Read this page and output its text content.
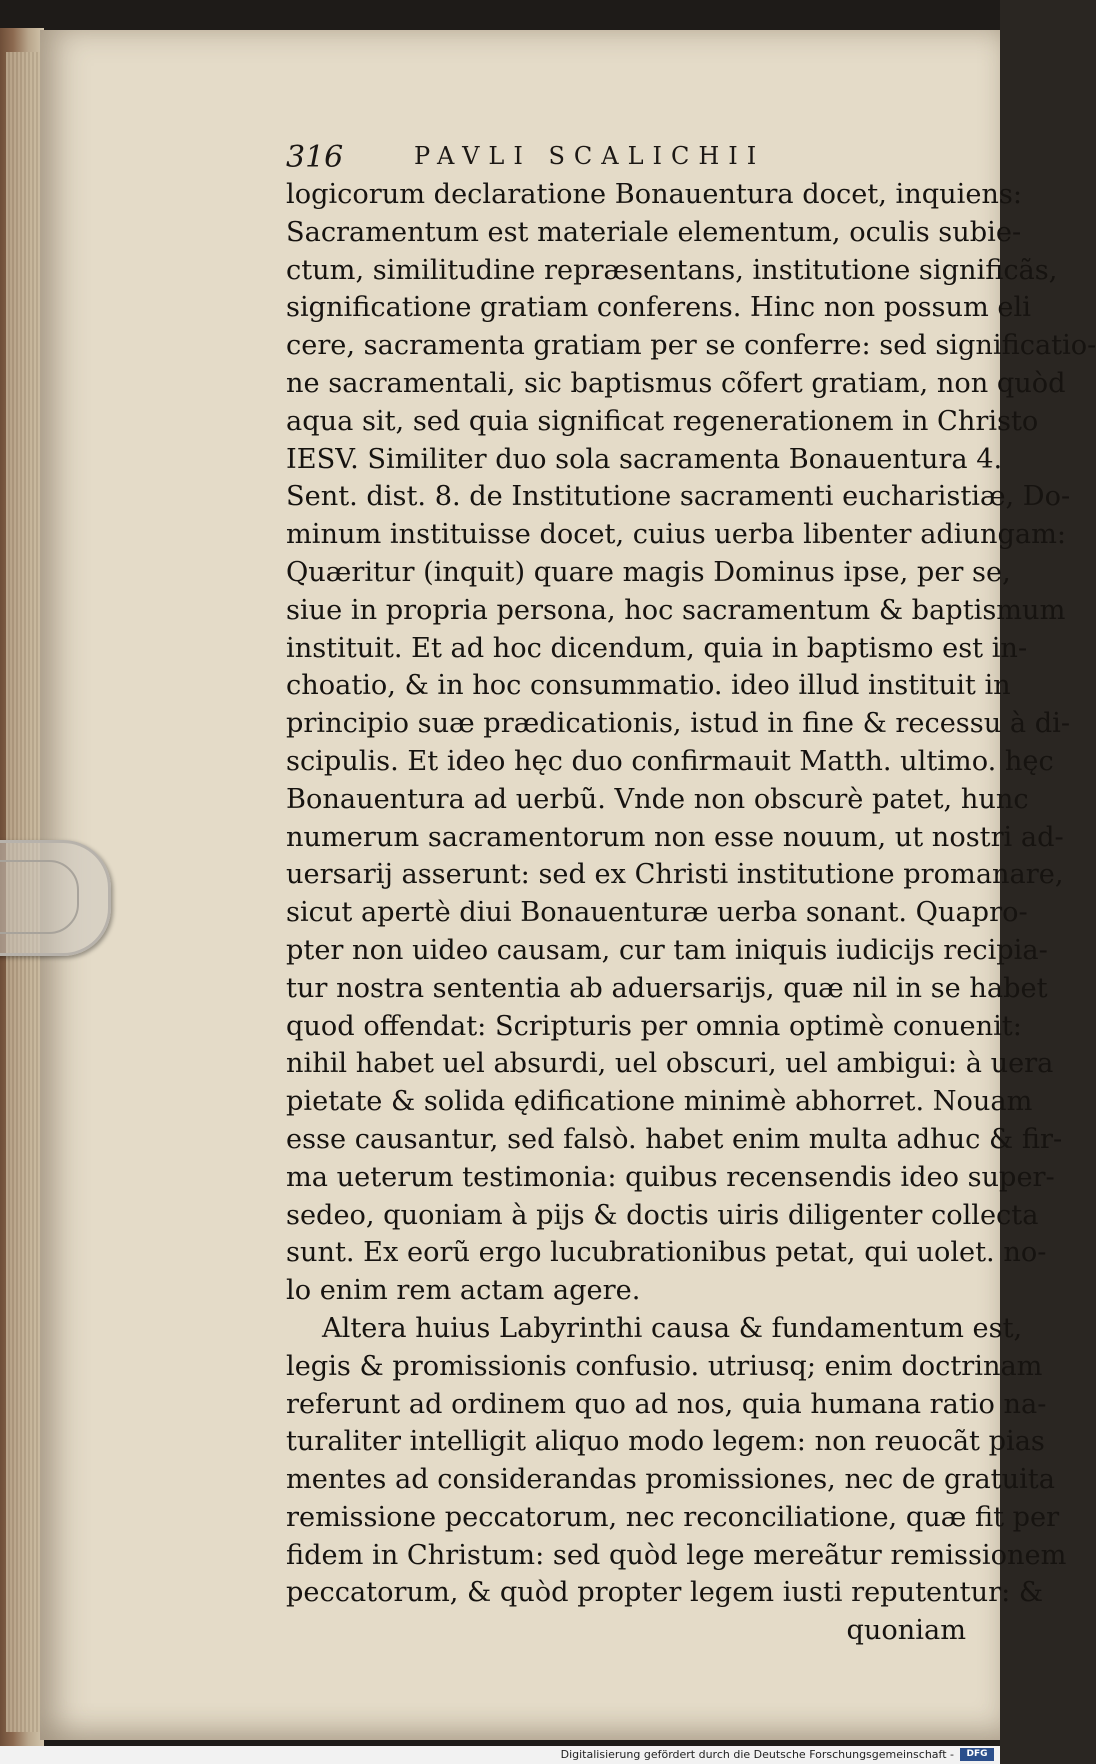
316	PAVLI SCALICHII
logicorum declaratione Bonauentura docet, inquiens:
Sacramentum est materiale elementum, oculis subie-
ctum, similitudine repræsentans, institutione significãs,
significatione gratiam conferens. Hinc non possum eli
cere, sacramenta gratiam per se conferre: sed significatio-
ne sacramentali, sic baptismus cõfert gratiam, non quòd
aqua sit, sed quia significat regenerationem in Christo
IESV. Similiter duo sola sacramenta Bonauentura 4.
Sent. dist. 8. de Institutione sacramenti eucharistiæ, Do-
minum instituisse docet, cuius uerba libenter adiungam:
Quæritur (inquit) quare magis Dominus ipse, per se,
siue in propria persona, hoc sacramentum & baptismum
instituit. Et ad hoc dicendum, quia in baptismo est in-
choatio, & in hoc consummatio. ideo illud instituit in
principio suæ prædicationis, istud in fine & recessu à di-
scipulis. Et ideo hęc duo confirmauit Matth. ultimo. hęc
Bonauentura ad uerbũ. Vnde non obscurè patet, hunc
numerum sacramentorum non esse nouum, ut nostri ad-
uersarij asserunt: sed ex Christi institutione promanare,
sicut apertè diui Bonauenturæ uerba sonant. Quapro-
pter non uideo causam, cur tam iniquis iudicijs recipia-
tur nostra sententia ab aduersarijs, quæ nil in se habet
quod offendat: Scripturis per omnia optimè conuenit:
nihil habet uel absurdi, uel obscuri, uel ambigui: à uera
pietate & solida ędificatione minimè abhorret. Nouam
esse causantur, sed falsò. habet enim multa adhuc & fir-
ma ueterum testimonia: quibus recensendis ideo super-
sedeo, quoniam à pijs & doctis uiris diligenter collecta
sunt. Ex eorũ ergo lucubrationibus petat, qui uolet. no-
lo enim rem actam agere.
Altera huius Labyrinthi causa & fundamentum est,
legis & promissionis confusio. utriusq; enim doctrinam
referunt ad ordinem quo ad nos, quia humana ratio na-
turaliter intelligit aliquo modo legem: non reuocãt pias
mentes ad considerandas promissiones, nec de gratuita
remissione peccatorum, nec reconciliatione, quæ fit per
fidem in Christum: sed quòd lege mereãtur remissionem
peccatorum, & quòd propter legem iusti reputentur: &
quoniam
Digitalisierung gefördert durch die Deutsche Forschungsgemeinschaft -	DFG
